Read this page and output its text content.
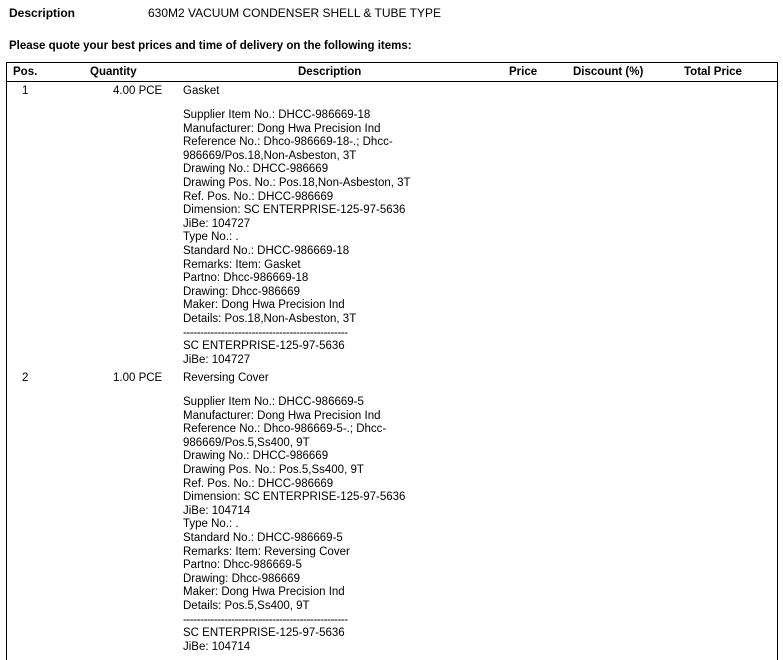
Description	630M2 VACUUM CONDENSER SHELL & TUBE TYPE
Please quote your best prices and time of delivery on the following items:
Pos.	Quantity	Description	Price	Discount (%)	Total Price
1	4.00 PCE Gasket
Supplier Item No.: DHCC-986669-18
Manufacturer: Dong Hwa Precision Ind
Reference No.: Dhco-986669-18-.; Dhcc-
986669/Pos.18,Non-Asbeston, 3T
Drawing No.: DHCC-986669
Drawing Pos. No.: Pos.18,Non-Asbeston, 3T
Ref. Pos. No.: DHCC-986669
Dimension: SC ENTERPRISE-125-97-5636
JiBe: 104727
Type No.: .
Standard No.: DHCC-986669-18
Remarks: Item: Gasket
Partno: Dhcc-986669-18
Drawing: Dhcc-986669
Maker: Dong Hwa Precision Ind
Details: Pos.18,Non-Asbeston, 3T
------------------------------------------------
SC ENTERPRISE-125-97-5636
JiBe: 104727
2	1.00 PCE Reversing Cover
Supplier Item No.: DHCC-986669-5
Manufacturer: Dong Hwa Precision Ind
Reference No.: Dhco-986669-5-.; Dhcc-
986669/Pos.5,Ss400, 9T
Drawing No.: DHCC-986669
Drawing Pos. No.: Pos.5,Ss400, 9T
Ref. Pos. No.: DHCC-986669
Dimension: SC ENTERPRISE-125-97-5636
JiBe: 104714
Type No.: .
Standard No.: DHCC-986669-5
Remarks: Item: Reversing Cover
Partno: Dhcc-986669-5
Drawing: Dhcc-986669
Maker: Dong Hwa Precision Ind
Details: Pos.5,Ss400, 9T
------------------------------------------------
SC ENTERPRISE-125-97-5636
JiBe: 104714
